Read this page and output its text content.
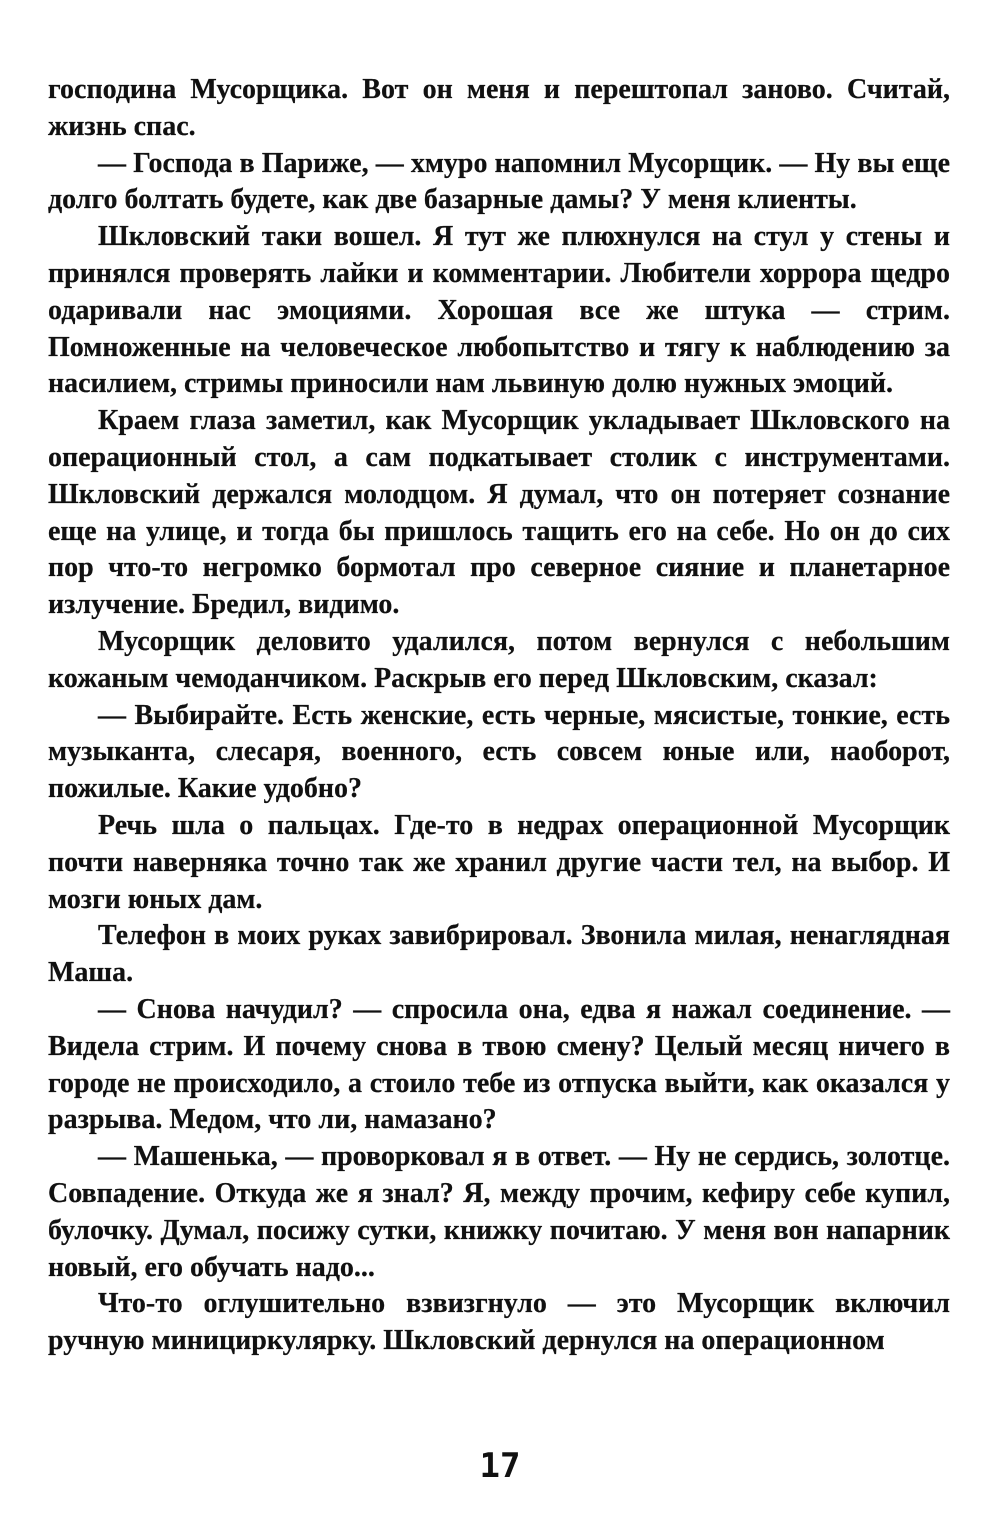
господина Мусорщика. Вот он меня и перештопал заново. Считай, жизнь спас.

— Господа в Париже, — хмуро напомнил Мусорщик. — Ну вы еще долго болтать будете, как две базарные дамы? У меня клиенты.

Шкловский таки вошел. Я тут же плюхнулся на стул у стены и принялся проверять лайки и комментарии. Любители хоррора щедро одаривали нас эмоциями. Хорошая все же штука — стрим. Помноженные на человеческое любопытство и тягу к наблюдению за насилием, стримы приносили нам львиную долю нужных эмоций.

Краем глаза заметил, как Мусорщик укладывает Шкловского на операционный стол, а сам подкатывает столик с инструментами. Шкловский держался молодцом. Я думал, что он потеряет сознание еще на улице, и тогда бы пришлось тащить его на себе. Но он до сих пор что-то негромко бормотал про северное сияние и планетарное излучение. Бредил, видимо.

Мусорщик деловито удалился, потом вернулся с небольшим кожаным чемоданчиком. Раскрыв его перед Шкловским, сказал:

— Выбирайте. Есть женские, есть черные, мясистые, тонкие, есть музыканта, слесаря, военного, есть совсем юные или, наоборот, пожилые. Какие удобно?

Речь шла о пальцах. Где-то в недрах операционной Мусорщик почти наверняка точно так же хранил другие части тел, на выбор. И мозги юных дам.

Телефон в моих руках завибрировал. Звонила милая, ненаглядная Маша.

— Снова начудил? — спросила она, едва я нажал соединение. — Видела стрим. И почему снова в твою смену? Целый месяц ничего в городе не происходило, а стоило тебе из отпуска выйти, как оказался у разрыва. Медом, что ли, намазано?

— Машенька, — проворковал я в ответ. — Ну не сердись, золотце. Совпадение. Откуда же я знал? Я, между прочим, кефиру себе купил, булочку. Думал, посижу сутки, книжку почитаю. У меня вон напарник новый, его обучать надо...

Что-то оглушительно взвизгнуло — это Мусорщик включил ручную минициркулярку. Шкловский дернулся на операционном

17
